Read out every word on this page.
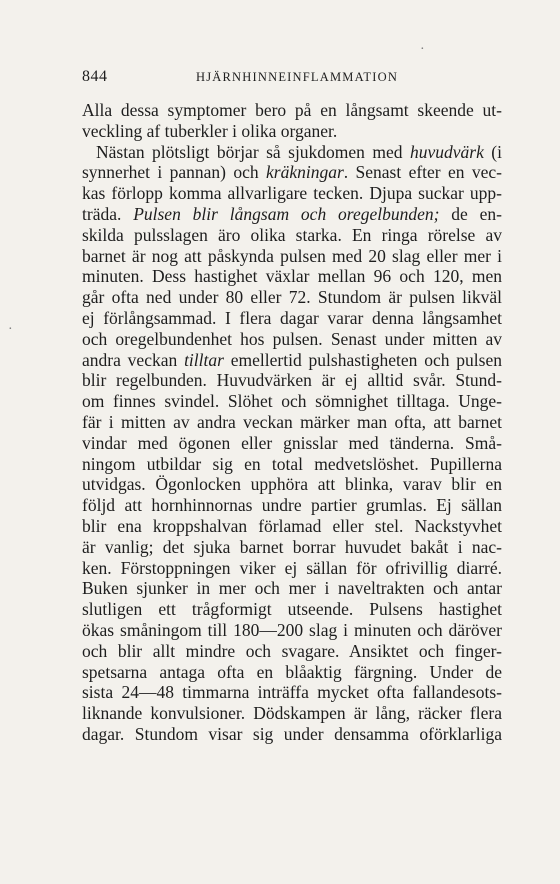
844	HJÄRNHINNEINFLAMMATION
·
·
Alla dessa symptomer bero på en långsamt skeende ut-
veckling af tuberkler i olika organer.
Nästan plötsligt börjar så sjukdomen med huvudvärk (i
synnerhet i pannan) och kräkningar. Senast efter en vec-
kas förlopp komma allvarligare tecken. Djupa suckar upp-
träda. Pulsen blir långsam och oregelbunden; de en-
skilda pulsslagen äro olika starka. En ringa rörelse av
barnet är nog att påskynda pulsen med 20 slag eller mer i
minuten. Dess hastighet växlar mellan 96 och 120, men
går ofta ned under 80 eller 72. Stundom är pulsen likväl
ej förlångsammad. I flera dagar varar denna långsamhet
och oregelbundenhet hos pulsen. Senast under mitten av
andra veckan tilltar emellertid pulshastigheten och pulsen
blir regelbunden. Huvudvärken är ej alltid svår. Stund-
om finnes svindel. Slöhet och sömnighet tilltaga. Unge-
fär i mitten av andra veckan märker man ofta, att barnet
vindar med ögonen eller gnisslar med tänderna. Små-
ningom utbildar sig en total medvetslöshet. Pupillerna
utvidgas. Ögonlocken upphöra att blinka, varav blir en
följd att hornhinnornas undre partier grumlas. Ej sällan
blir ena kroppshalvan förlamad eller stel. Nackstyvhet
är vanlig; det sjuka barnet borrar huvudet bakåt i nac-
ken. Förstoppningen viker ej sällan för ofrivillig diarré.
Buken sjunker in mer och mer i naveltrakten och antar
slutligen ett trågformigt utseende. Pulsens hastighet
ökas småningom till 180—200 slag i minuten och däröver
och blir allt mindre och svagare. Ansiktet och finger-
spetsarna antaga ofta en blåaktig färgning. Under de
sista 24—48 timmarna inträffa mycket ofta fallandesots-
liknande konvulsioner. Dödskampen är lång, räcker flera
dagar. Stundom visar sig under densamma oförklarliga
